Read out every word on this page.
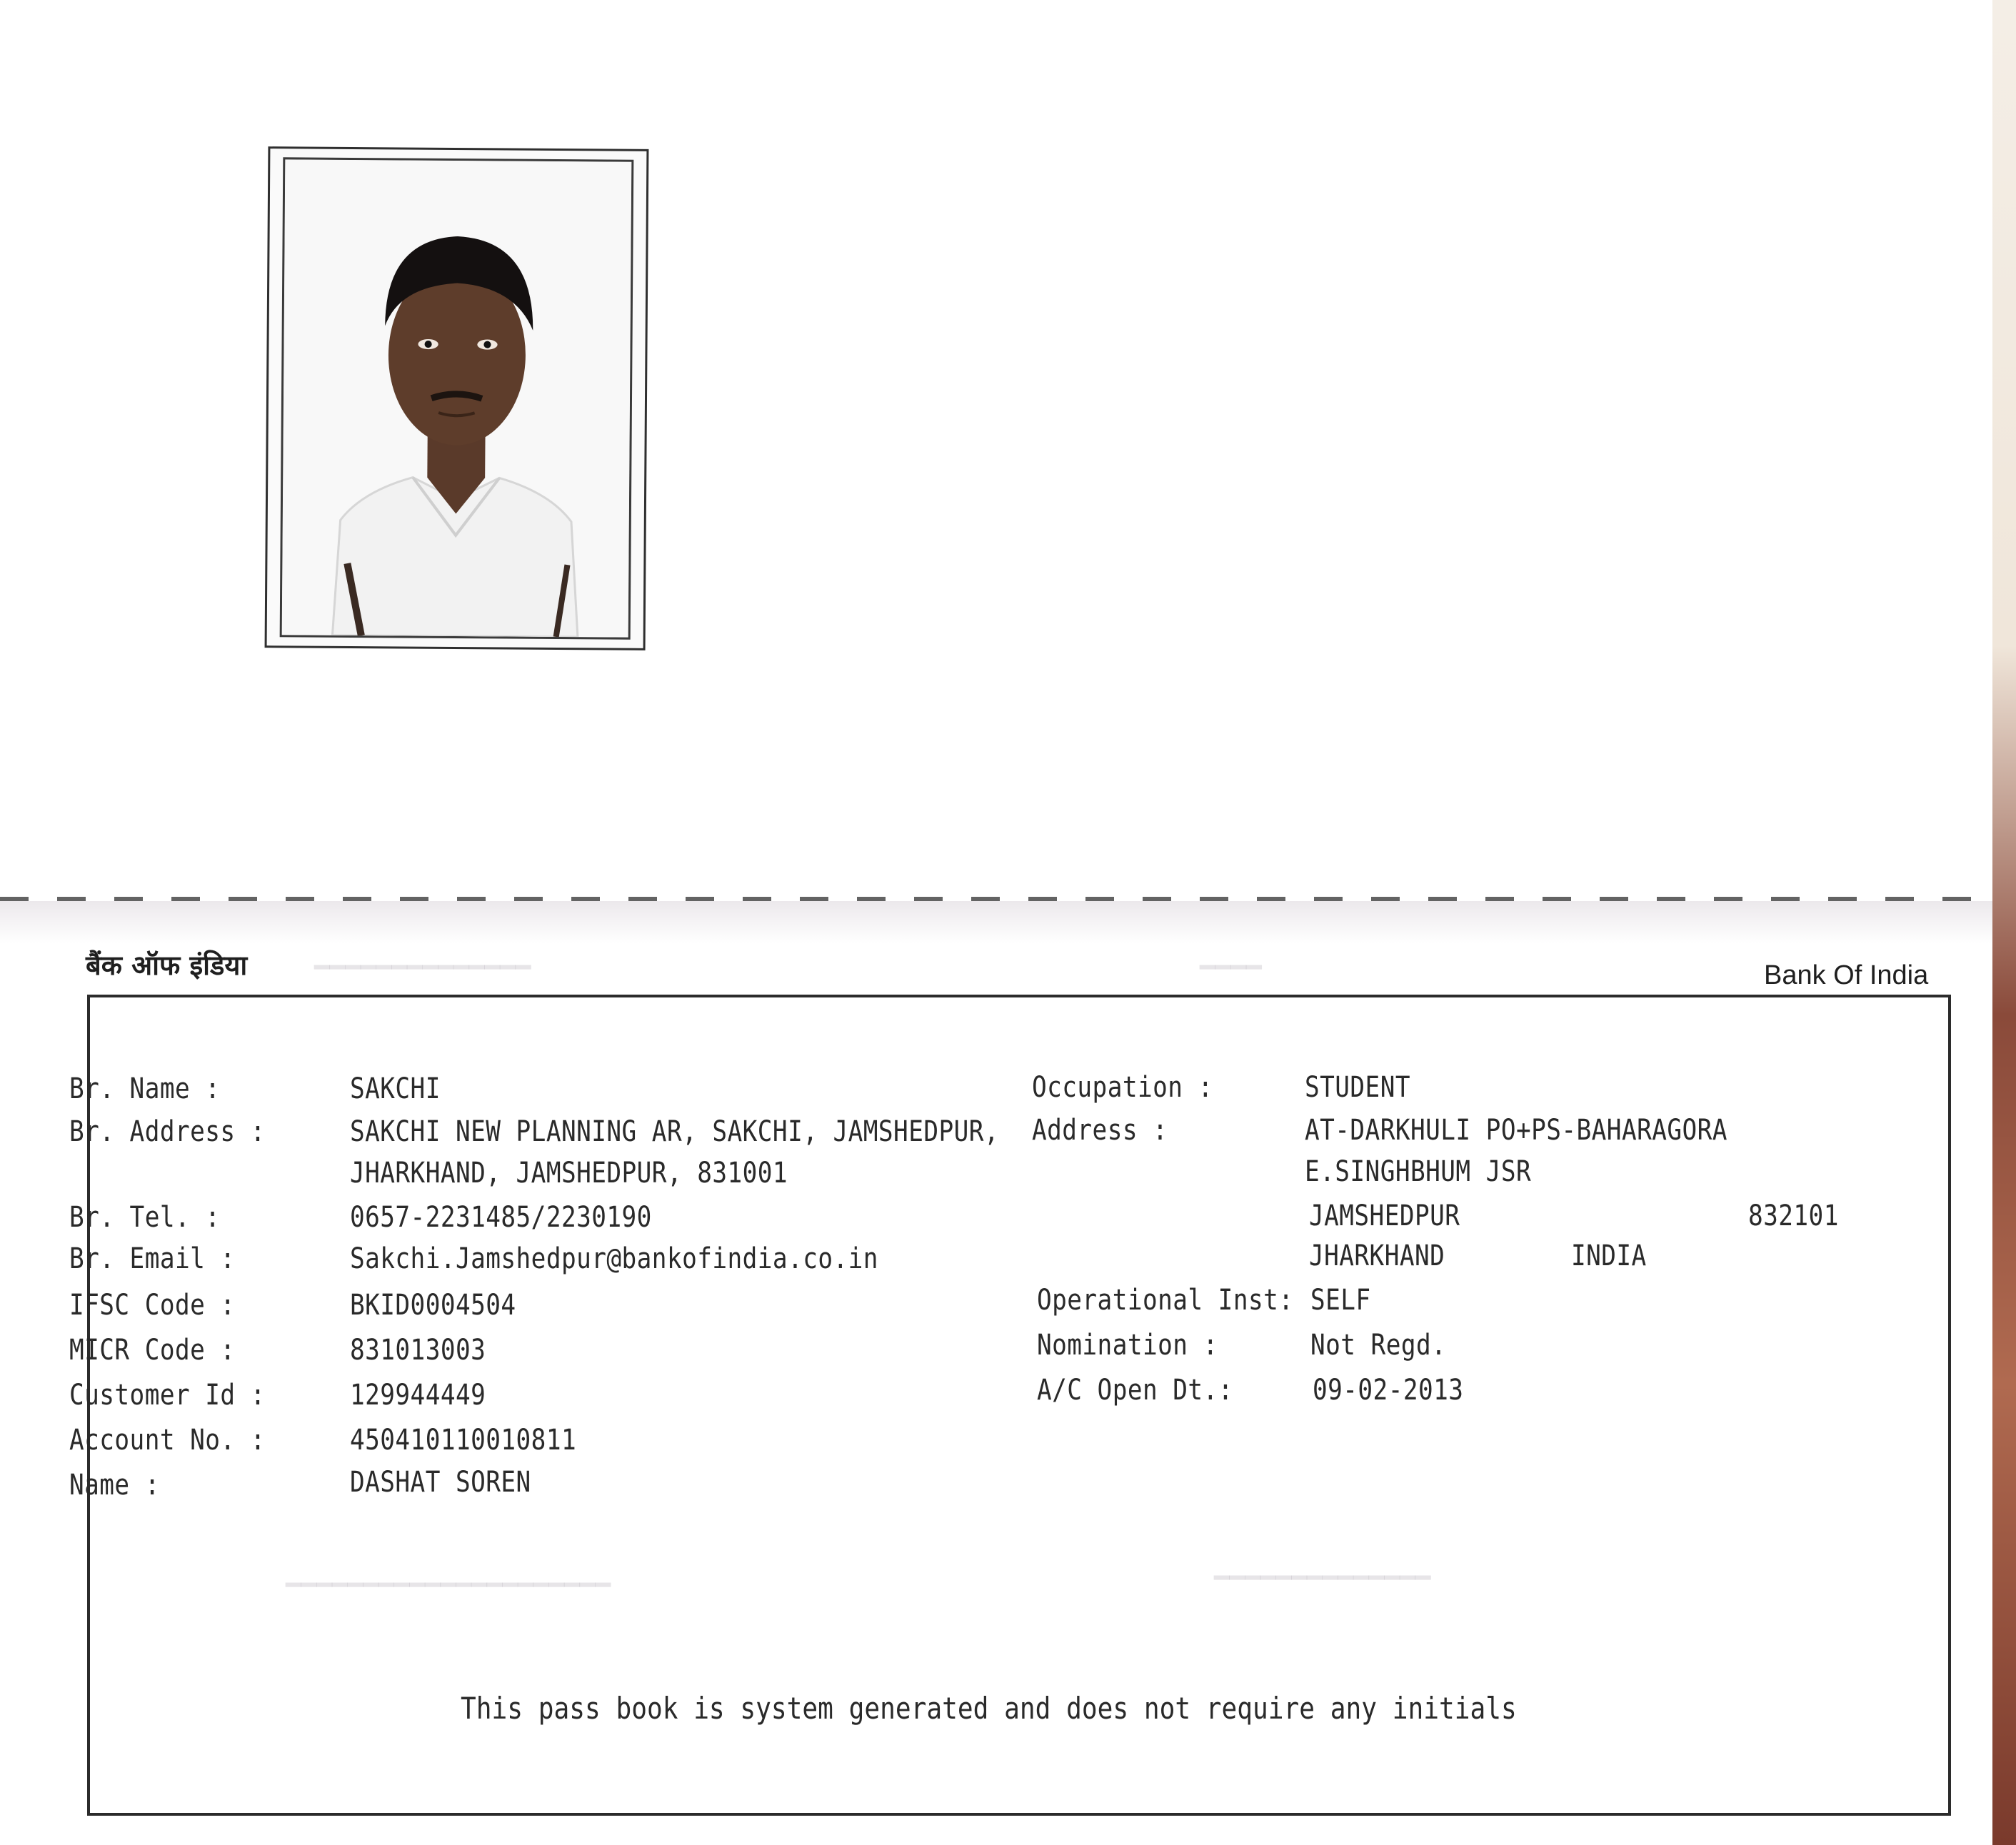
━━━━━━━━━━━━━━	━━━━
━━━━━━━━━━━━━━━━━━━━━	━━━━━━━━━━━━━━
बैंक ऑफ इंडिया	Bank Of India
Br. Name :	SAKCHI
Br. Address :	SAKCHI NEW PLANNING AR, SAKCHI, JAMSHEDPUR,
JHARKHAND, JAMSHEDPUR, 831001
Br. Tel. :	0657-2231485/2230190
Br. Email :	Sakchi.Jamshedpur@bankofindia.co.in
IFSC Code :	BKID0004504
MICR Code :	831013003
Customer Id :	129944449
Account No. :	450410110010811
Name :	DASHAT SOREN
Occupation :	STUDENT
Address :	AT-DARKHULI PO+PS-BAHARAGORA
E.SINGHBHUM JSR
JAMSHEDPUR	832101
JHARKHAND	INDIA
Operational Inst: SELF
Nomination :	Not Regd.
A/C Open Dt.:	09-02-2013
This pass book is system generated and does not require any initials
